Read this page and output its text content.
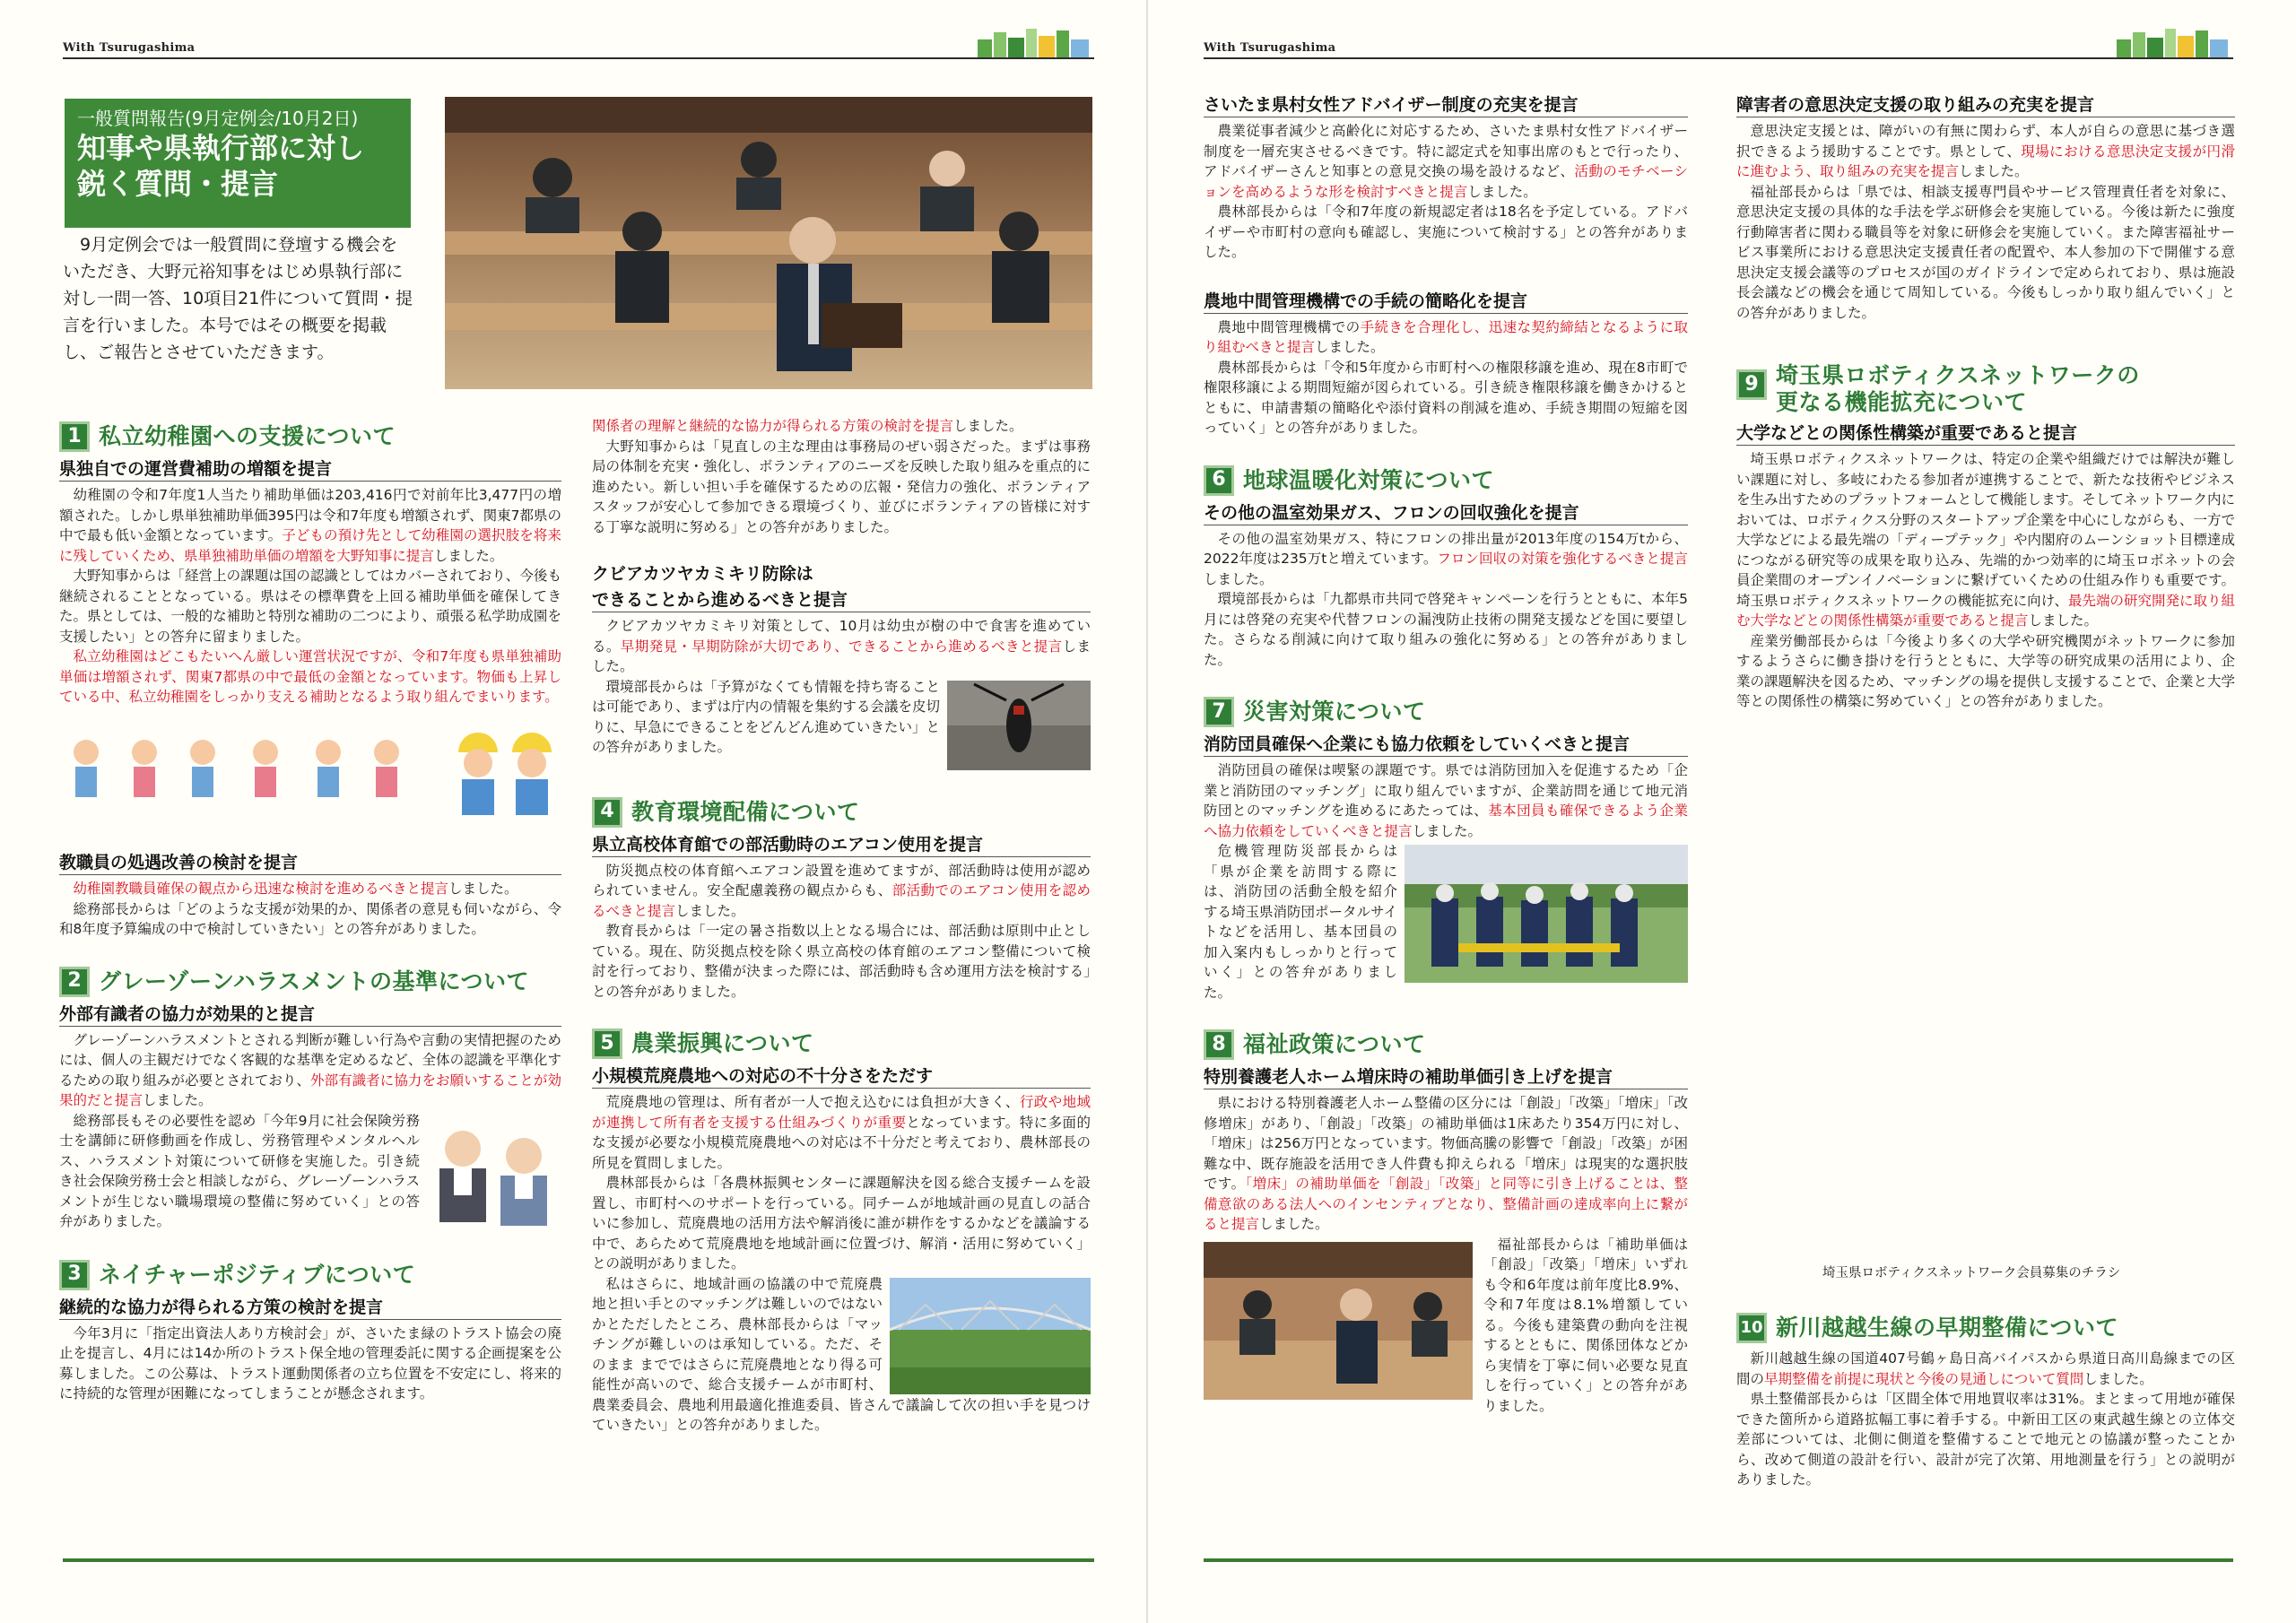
With Tsurugashima
一般質問報告(9月定例会/10月2日)
知事や県執行部に対し
鋭く質問・提言
9月定例会では一般質問に登壇する機会をいただき、大野元裕知事をはじめ県執行部に対し一問一答、10項目21件について質問・提言を行いました。本号ではその概要を掲載し、ご報告とさせていただきます。
1 私立幼稚園への支援について
県独自での運営費補助の増額を提言

幼稚園の令和7年度1人当たり補助単価は203,416円で対前年比3,477円の増額された。しかし県単独補助単価395円は令和7年度も増額されず、関東7都県の中で最も低い金額となっています。子どもの預け先として幼稚園の選択肢を将来に残していくため、県単独補助単価の増額を大野知事に提言しました。

大野知事からは「経営上の課題は国の認識としてはカバーされており、今後も継続されることとなっている。県はその標準費を上回る補助単価を確保してきた。県としては、一般的な補助と特別な補助の二つにより、頑張る私学助成園を支援したい」との答弁に留まりました。

私立幼稚園はどこもたいへん厳しい運営状況ですが、令和7年度も県単独補助単価は増額されず、関東7都県の中で最低の金額となっています。物価も上昇している中、私立幼稚園をしっかり支える補助となるよう取り組んでまいります。

教職員の処遇改善の検討を提言

幼稚園教職員確保の観点から迅速な検討を進めるべきと提言しました。

総務部長からは「どのような支援が効果的か、関係者の意見も伺いながら、令和8年度予算編成の中で検討していきたい」との答弁がありました。

2 グレーゾーンハラスメントの基準について
外部有識者の協力が効果的と提言

グレーゾーンハラスメントとされる判断が難しい行為や言動の実情把握のためには、個人の主観だけでなく客観的な基準を定めるなど、全体の認識を平準化するための取り組みが必要とされており、外部有識者に協力をお願いすることが効果的だと提言しました。

総務部長もその必要性を認め「今年9月に社会保険労務士を講師に研修動画を作成し、労務管理やメンタルヘルス、ハラスメント対策について研修を実施した。引き続き社会保険労務士会と相談しながら、グレーゾーンハラスメントが生じない職場環境の整備に努めていく」との答弁がありました。

3 ネイチャーポジティブについて
継続的な協力が得られる方策の検討を提言

今年3月に「指定出資法人あり方検討会」が、さいたま緑のトラスト協会の廃止を提言し、4月には14か所のトラスト保全地の管理委託に関する企画提案を公募しました。この公募は、トラスト運動関係者の立ち位置を不安定にし、将来的に持続的な管理が困難になってしまうことが懸念されます。

関係者の理解と継続的な協力が得られる方策の検討を提言しました。

大野知事からは「見直しの主な理由は事務局のぜい弱さだった。まずは事務局の体制を充実・強化し、ボランティアのニーズを反映した取り組みを重点的に進めたい。新しい担い手を確保するための広報・発信力の強化、ボランティアスタッフが安心して参加できる環境づくり、並びにボランティアの皆様に対する丁寧な説明に努める」との答弁がありました。

クビアカツヤカミキリ防除は
できることから進めるべきと提言

クビアカツヤカミキリ対策として、10月は幼虫が樹の中で食害を進めている。早期発見・早期防除が大切であり、できることから進めるべきと提言しました。

環境部長からは「予算がなくても情報を持ち寄ることは可能であり、まずは庁内の情報を集約する会議を皮切りに、早急にできることをどんどん進めていきたい」との答弁がありました。

4 教育環境配備について
県立高校体育館での部活動時のエアコン使用を提言

防災拠点校の体育館へエアコン設置を進めてますが、部活動時は使用が認められていません。安全配慮義務の観点からも、部活動でのエアコン使用を認めるべきと提言しました。

教育長からは「一定の暑さ指数以上となる場合には、部活動は原則中止としている。現在、防災拠点校を除く県立高校の体育館のエアコン整備について検討を行っており、整備が決まった際には、部活動時も含め運用方法を検討する」との答弁がありました。

5 農業振興について
小規模荒廃農地への対応の不十分さをただす

荒廃農地の管理は、所有者が一人で抱え込むには負担が大きく、行政や地域が連携して所有者を支援する仕組みづくりが重要となっています。特に多面的な支援が必要な小規模荒廃農地への対応は不十分だと考えており、農林部長の所見を質問しました。

農林部長からは「各農林振興センターに課題解決を図る総合支援チームを設置し、市町村へのサポートを行っている。同チームが地域計画の見直しの話合いに参加し、荒廃農地の活用方法や解消後に誰が耕作をするかなどを議論する中で、あらためて荒廃農地を地域計画に位置づけ、解消・活用に努めていく」との説明がありました。

私はさらに、地域計画の協議の中で荒廃農地と担い手とのマッチングは難しいのではないかとただしたところ、農林部長からは「マッチングが難しいのは承知している。ただ、そのまま までではさらに荒廃農地となり得る可能性が高いので、総合支援チームが市町村、農業委員会、農地利用最適化推進委員、皆さんで議論して次の担い手を見つけていきたい」との答弁がありました。

With Tsurugashima
さいたま県村女性アドバイザー制度の充実を提言

農業従事者減少と高齢化に対応するため、さいたま県村女性アドバイザー制度を一層充実させるべきです。特に認定式を知事出席のもとで行ったり、アドバイザーさんと知事との意見交換の場を設けるなど、活動のモチベーションを高めるような形を検討すべきと提言しました。

農林部長からは「令和7年度の新規認定者は18名を予定している。アドバイザーや市町村の意向も確認し、実施について検討する」との答弁がありました。

農地中間管理機構での手続の簡略化を提言

農地中間管理機構での手続きを合理化し、迅速な契約締結となるように取り組むべきと提言しました。

農林部長からは「令和5年度から市町村への権限移譲を進め、現在8市町で権限移譲による期間短縮が図られている。引き続き権限移譲を働きかけるとともに、申請書類の簡略化や添付資料の削減を進め、手続き期間の短縮を図っていく」との答弁がありました。

6 地球温暖化対策について
その他の温室効果ガス、フロンの回収強化を提言

その他の温室効果ガス、特にフロンの排出量が2013年度の154万tから、2022年度は235万tと増えています。フロン回収の対策を強化するべきと提言しました。

環境部長からは「九都県市共同で啓発キャンペーンを行うとともに、本年5月には啓発の充実や代替フロンの漏洩防止技術の開発支援などを国に要望した。さらなる削減に向けて取り組みの強化に努める」との答弁がありました。

7 災害対策について
消防団員確保へ企業にも協力依頼をしていくべきと提言

消防団員の確保は喫緊の課題です。県では消防団加入を促進するため「企業と消防団のマッチング」に取り組んでいますが、企業訪問を通じて地元消防団とのマッチングを進めるにあたっては、基本団員も確保できるよう企業へ協力依頼をしていくべきと提言しました。

危機管理防災部長からは「県が企業を訪問する際には、消防団の活動全般を紹介する埼玉県消防団ポータルサイトなどを活用し、基本団員の加入案内もしっかりと行っていく」との答弁がありました。

8 福祉政策について
特別養護老人ホーム増床時の補助単価引き上げを提言

県における特別養護老人ホーム整備の区分には「創設」「改築」「増床」「改修増床」があり、「創設」「改築」の補助単価は1床あたり354万円に対し、「増床」は256万円となっています。物価高騰の影響で「創設」「改築」が困難な中、既存施設を活用でき人件費も抑えられる「増床」は現実的な選択肢です。「増床」の補助単価を「創設」「改築」と同等に引き上げることは、整備意欲のある法人へのインセンティブとなり、整備計画の達成率向上に繋がると提言しました。

福祉部長からは「補助単価は「創設」「改築」「増床」いずれも令和6年度は前年度比8.9%、令和7年度は8.1%増額している。今後も建築費の動向を注視するとともに、関係団体などから実情を丁寧に伺い必要な見直しを行っていく」との答弁がありました。

障害者の意思決定支援の取り組みの充実を提言

意思決定支援とは、障がいの有無に関わらず、本人が自らの意思に基づき選択できるよう援助することです。県として、現場における意思決定支援が円滑に進むよう、取り組みの充実を提言しました。

福祉部長からは「県では、相談支援専門員やサービス管理責任者を対象に、意思決定支援の具体的な手法を学ぶ研修会を実施している。今後は新たに強度行動障害者に関わる職員等を対象に研修会を実施していく。また障害福祉サービス事業所における意思決定支援責任者の配置や、本人参加の下で開催する意思決定支援会議等のプロセスが国のガイドラインで定められており、県は施設長会議などの機会を通じて周知している。今後もしっかり取り組んでいく」との答弁がありました。

9 埼玉県ロボティクスネットワークの
更なる機能拡充について
大学などとの関係性構築が重要であると提言

埼玉県ロボティクスネットワークは、特定の企業や組織だけでは解決が難しい課題に対し、多岐にわたる参加者が連携することで、新たな技術やビジネスを生み出すためのプラットフォームとして機能します。そしてネットワーク内においては、ロボティクス分野のスタートアップ企業を中心にしながらも、一方で大学などによる最先端の「ディープテック」や内閣府のムーンショット目標達成につながる研究等の成果を取り込み、先端的かつ効率的に埼玉ロボネットの会員企業間のオープンイノベーションに繋げていくための仕組み作りも重要です。埼玉県ロボティクスネットワークの機能拡充に向け、最先端の研究開発に取り組む大学などとの関係性構築が重要であると提言しました。

産業労働部長からは「今後より多くの大学や研究機関がネットワークに参加するようさらに働き掛けを行うとともに、大学等の研究成果の活用により、企業の課題解決を図るため、マッチングの場を提供し支援することで、企業と大学等との関係性の構築に努めていく」との答弁がありました。

埼玉県ロボティクスネットワーク会員募集のチラシ
10 新川越越生線の早期整備について

新川越越生線の国道407号鶴ヶ島日高バイパスから県道日高川島線までの区間の早期整備を前提に現状と今後の見通しについて質問しました。

県土整備部長からは「区間全体で用地買収率は31%。まとまって用地が確保できた箇所から道路拡幅工事に着手する。中新田工区の東武越生線との立体交差部については、北側に側道を整備することで地元との協議が整ったことから、改めて側道の設計を行い、設計が完了次第、用地測量を行う」との説明がありました。
